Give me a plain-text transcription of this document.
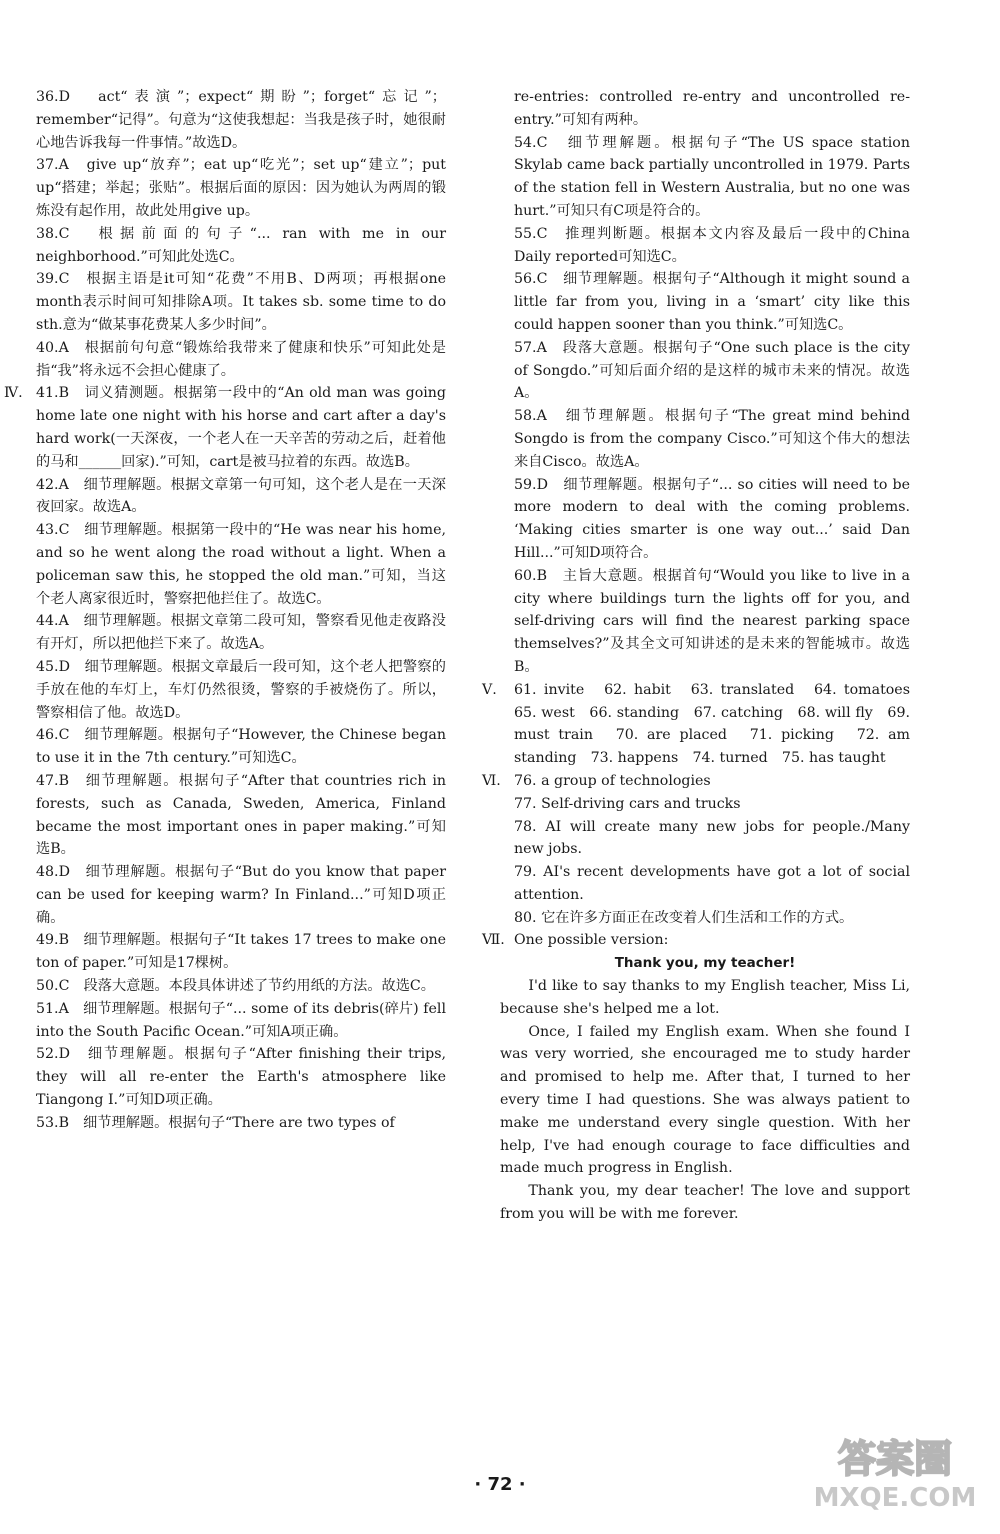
36.D　act“表演”；expect“期盼”；forget“忘记”；remember“记得”。句意为“这使我想起：当我是孩子时，她很耐心地告诉我每一件事情。”故选D。
37.A　give up“放弃”；eat up“吃光”；set up“建立”；put up“搭建；举起；张贴”。根据后面的原因：因为她认为两周的锻炼没有起作用，故此处用give up。
38.C　根据前面的句子“... ran with me in our neighborhood.”可知此处选C。
39.C　根据主语是it可知“花费”不用B、D两项；再根据one month表示时间可知排除A项。It takes sb. some time to do sth.意为“做某事花费某人多少时间”。
40.A　根据前句句意“锻炼给我带来了健康和快乐”可知此处是指“我”将永远不会担心健康了。
Ⅳ. 41.B　词义猜测题。根据第一段中的“An old man was going home late one night with his horse and cart after a day's hard work(一天深夜，一个老人在一天辛苦的劳动之后，赶着他的马和______回家).”可知，cart是被马拉着的东西。故选B。
42.A　细节理解题。根据文章第一句可知，这个老人是在一天深夜回家。故选A。
43.C　细节理解题。根据第一段中的“He was near his home, and so he went along the road without a light. When a policeman saw this, he stopped the old man.”可知，当这个老人离家很近时，警察把他拦住了。故选C。
44.A　细节理解题。根据文章第二段可知，警察看见他走夜路没有开灯，所以把他拦下来了。故选A。
45.D　细节理解题。根据文章最后一段可知，这个老人把警察的手放在他的车灯上，车灯仍然很烫，警察的手被烧伤了。所以，警察相信了他。故选D。
46.C　细节理解题。根据句子“However, the Chinese began to use it in the 7th century.”可知选C。
47.B　细节理解题。根据句子“After that countries rich in forests, such as Canada, Sweden, America, Finland became the most important ones in paper making.”可知选B。
48.D　细节理解题。根据句子“But do you know that paper can be used for keeping warm? In Finland...”可知D项正确。
49.B　细节理解题。根据句子“It takes 17 trees to make one ton of paper.”可知是17棵树。
50.C　段落大意题。本段具体讲述了节约用纸的方法。故选C。
51.A　细节理解题。根据句子“... some of its debris(碎片) fell into the South Pacific Ocean.”可知A项正确。
52.D　细节理解题。根据句子“After finishing their trips, they will all re-enter the Earth's atmosphere like Tiangong Ⅰ.”可知D项正确。
53.B　细节理解题。根据句子“There are two types of
re-entries: controlled re-entry and uncontrolled re-entry.”可知有两种。
54.C　细节理解题。根据句子“The US space station Skylab came back partially uncontrolled in 1979. Parts of the station fell in Western Australia, but no one was hurt.”可知只有C项是符合的。
55.C　推理判断题。根据本文内容及最后一段中的China Daily reported可知选C。
56.C　细节理解题。根据句子“Although it might sound a little far from you, living in a ‘smart’ city like this could happen sooner than you think.”可知选C。
57.A　段落大意题。根据句子“One such place is the city of Songdo.”可知后面介绍的是这样的城市未来的情况。故选A。
58.A　细节理解题。根据句子“The great mind behind Songdo is from the company Cisco.”可知这个伟大的想法来自Cisco。故选A。
59.D　细节理解题。根据句子“... so cities will need to be more modern to deal with the coming problems. ‘Making cities smarter is one way out...’ said Dan Hill...”可知D项符合。
60.B　主旨大意题。根据首句“Would you like to live in a city where buildings turn the lights off for you, and self-driving cars will find the nearest parking space themselves?”及其全文可知讲述的是未来的智能城市。故选B。
Ⅴ. 61. invite　62. habit　63. translated　64. tomatoes　65. west　66. standing　67. catching　68. will fly　69. must train　70. are placed　71. picking　72. am standing　73. happens　74. turned　75. has taught
Ⅵ. 76. a group of technologies
77. Self-driving cars and trucks
78. AI will create many new jobs for people./Many new jobs.
79. AI's recent developments have got a lot of social attention.
80. 它在许多方面正在改变着人们生活和工作的方式。
Ⅶ. One possible version:
Thank you, my teacher!
I'd like to say thanks to my English teacher, Miss Li, because she's helped me a lot.
Once, I failed my English exam. When she found I was very worried, she encouraged me to study harder and promised to help me. After that, I turned to her every time I had questions. She was always patient to make me understand every single question. With her help, I've had enough courage to face difficulties and made much progress in English.
Thank you, my dear teacher! The love and support from you will be with me forever.
· 72 ·
答案圈
MXQE.COM
